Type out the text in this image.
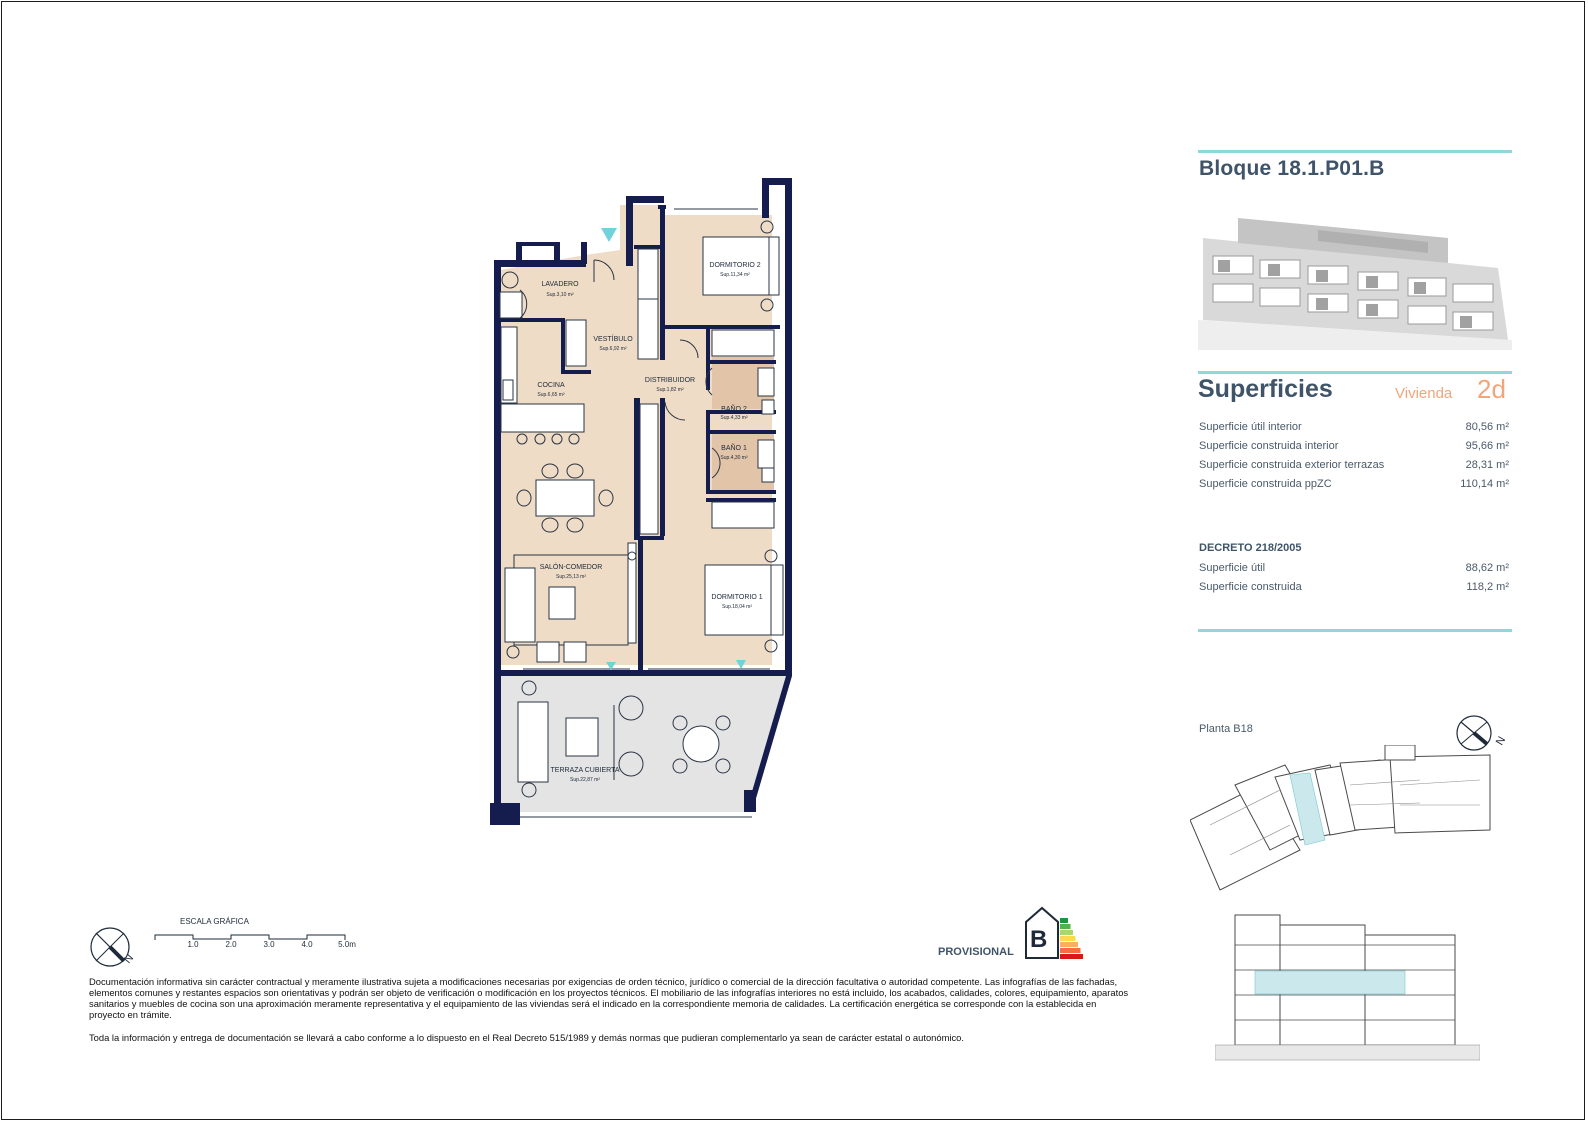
LAVADERO
Sup.3,10 m²
VESTÍBULO
Sup.6,92 m²
DORMITORIO 2
Sup.11,34 m²
COCINA
Sup.6,65 m²
DISTRIBUIDOR
Sup.1,82 m²
BAÑO 2
Sup.4,33 m²
BAÑO 1
Sup.4,30 m²
SALÓN-COMEDOR
Sup.25,13 m²
DORMITORIO 1
Sup.18,04 m²
TERRAZA CUBIERTA
Sup.22,87 m²
Bloque 18.1.P01.B
Superficies	Vivienda 2d
Superficie útil interior	80,56 m²
Superficie construida interior	95,66 m²
Superficie construida exterior terrazas	28,31 m²
Superficie construida ppZC	110,14 m²
DECRETO 218/2005
Superficie útil	88,62 m²
Superficie construida	118,2 m²
Planta B18
N
N
ESCALA GRÁFICA
1.0	2.0	3.0	4.0	5.0m
PROVISIONAL B
Documentación informativa sin carácter contractual y meramente ilustrativa sujeta a modificaciones necesarias por exigencias de orden técnico, jurídico o comercial de la dirección facultativa o autoridad competente. Las infografías de las fachadas, elementos comunes y restantes espacios son orientativas y podrán ser objeto de verificación o modificación en los proyectos técnicos. El mobiliario de las infografías interiores no está incluido, los acabados, calidades, colores, equipamiento, aparatos sanitarios y muebles de cocina son una aproximación meramente representativa y el equipamiento de las viviendas será el indicado en la correspondiente memoria de calidades. La certificación energética se corresponde con la establecida en proyecto en trámite.
Toda la información y entrega de documentación se llevará a cabo conforme a lo dispuesto en el Real Decreto 515/1989 y demás normas que pudieran complementarlo ya sean de carácter estatal o autonómico.
